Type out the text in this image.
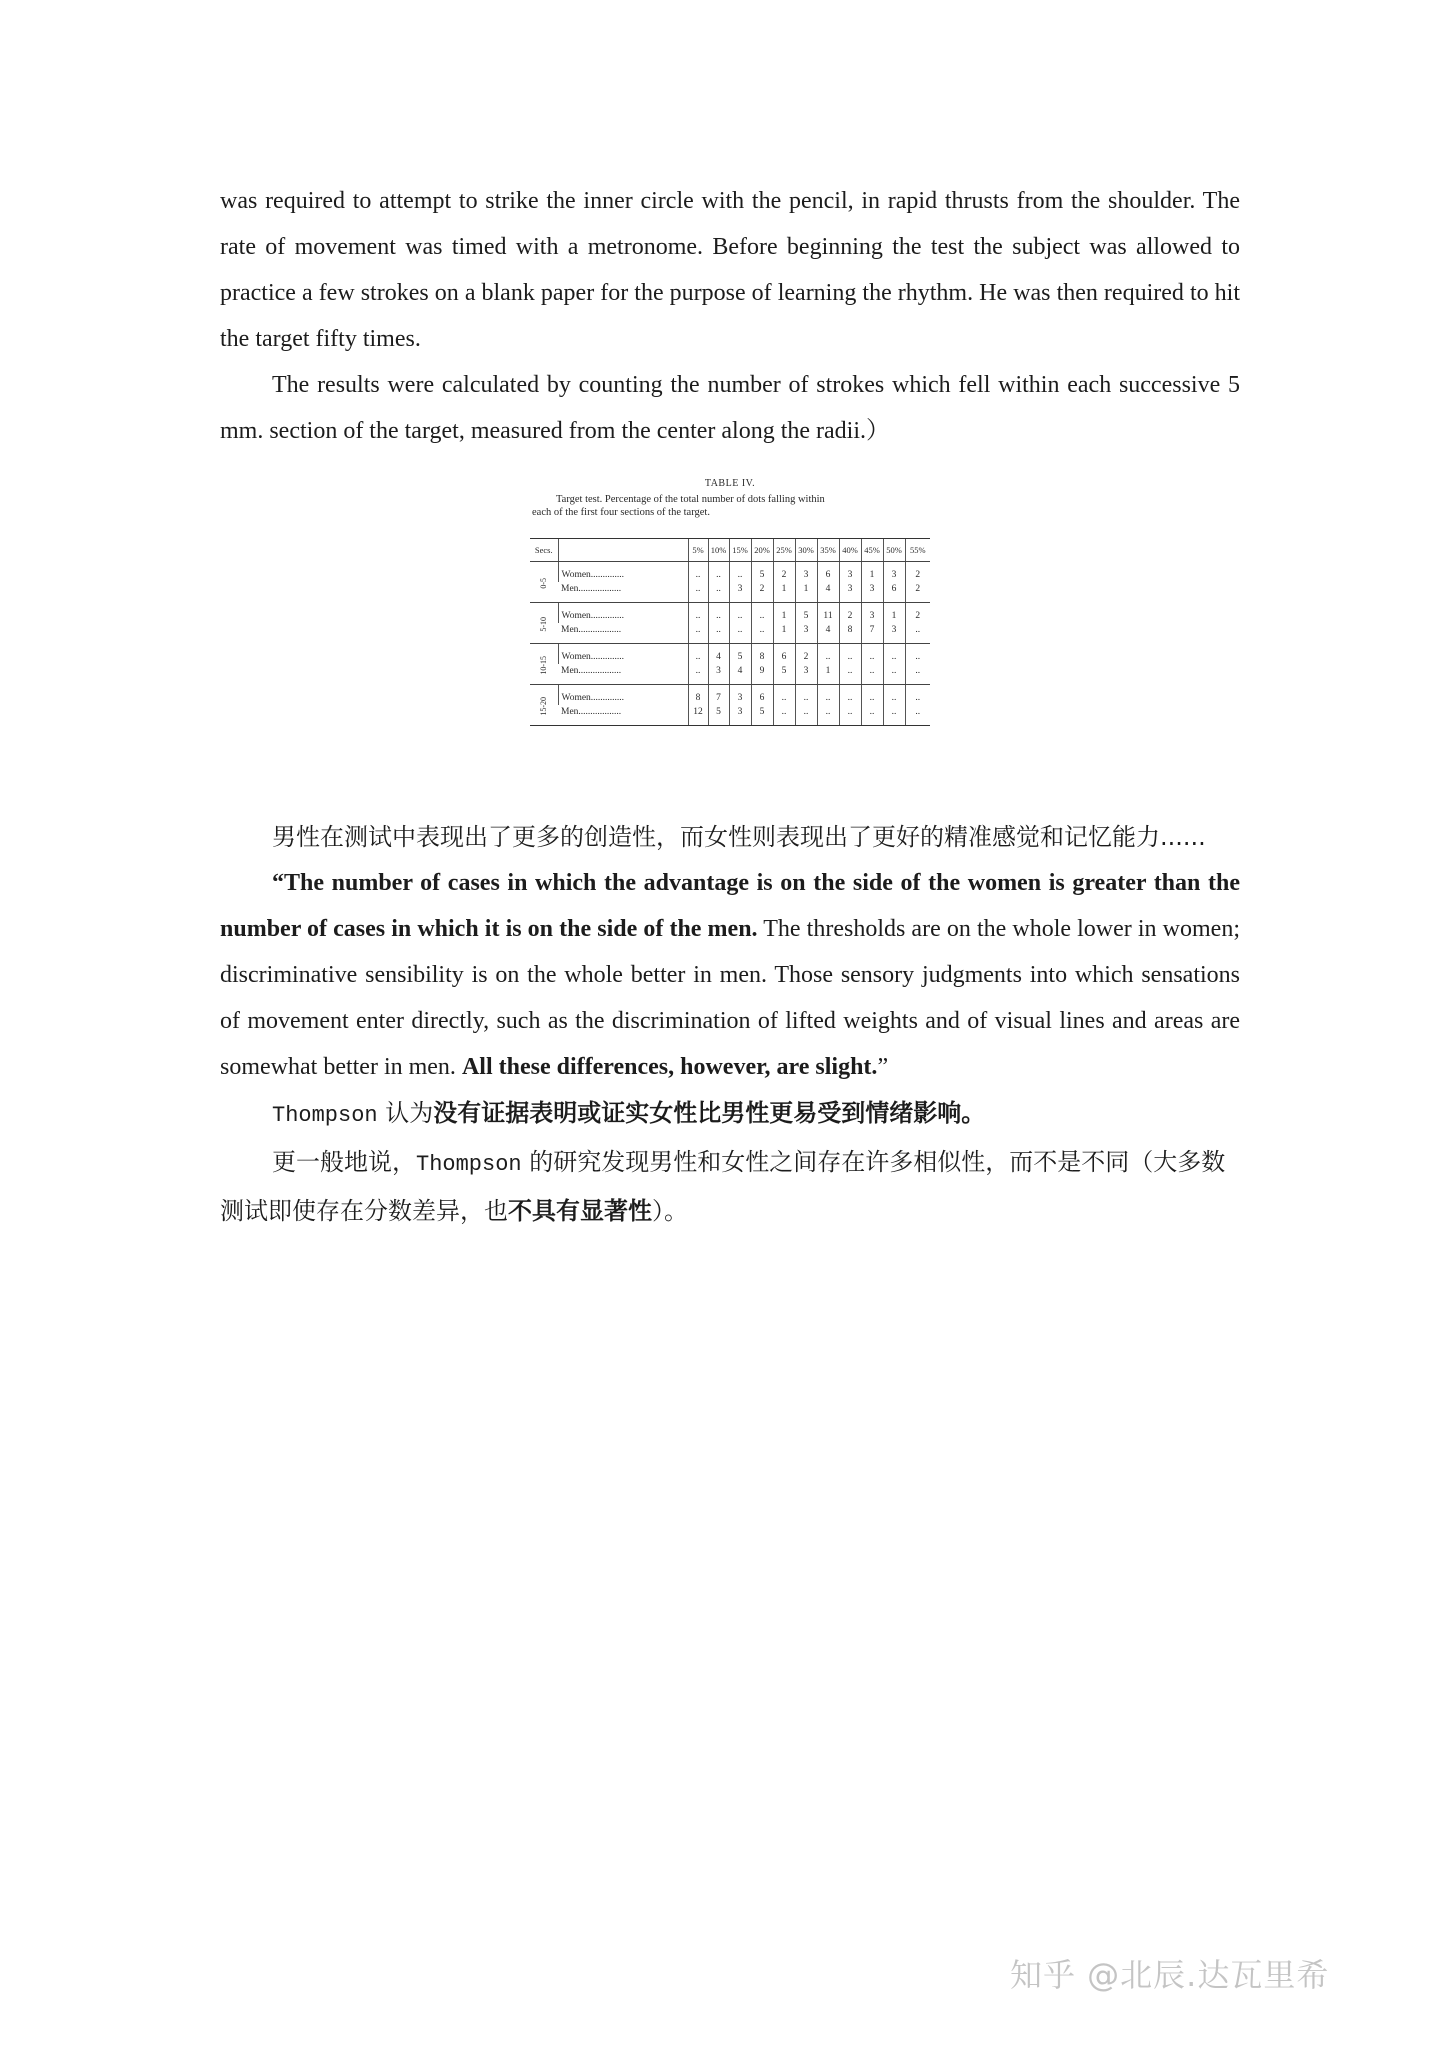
was required to attempt to strike the inner circle with the pencil, in rapid thrusts from the shoulder. The rate of movement was timed with a metronome. Before beginning the test the subject was allowed to practice a few strokes on a blank paper for the purpose of learning the rhythm. He was then required to hit the target fifty times.

The results were calculated by counting the number of strokes which fell within each successive 5 mm. section of the target, measured from the center along the radii.）

TABLE IV.
Target test. Percentage of the total number of dots falling within
each of the first four sections of the target.
Secs.		5%	10%	15%	20%	25%	30%	35%	40%	45%	50%	55%
0-5	Women..............	..	..	..	5	2	3	6	3	1	3	2
	Men..................	..	..	3	2	1	1	4	3	3	6	2
5-10	Women..............	..	..	..	..	1	5	11	2	3	1	2
	Men..................	..	..	..	..	1	3	4	8	7	3	..
10-15	Women..............	..	4	5	8	6	2	..	..	..	..	..
	Men..................	..	3	4	9	5	3	1	..	..	..	..
15-20	Women..............	8	7	3	6	..	..	..	..	..	..	..
	Men..................	12	5	3	5	..	..	..	..	..	..	..

男性在测试中表现出了更多的创造性，而女性则表现出了更好的精准感觉和记忆能力......

“The number of cases in which the advantage is on the side of the women is greater than the number of cases in which it is on the side of the men. The thresholds are on the whole lower in women; discriminative sensibility is on the whole better in men. Those sensory judgments into which sensations of movement enter directly, such as the discrimination of lifted weights and of visual lines and areas are somewhat better in men. All these differences, however, are slight.”

Thompson 认为没有证据表明或证实女性比男性更易受到情绪影响。

更一般地说，Thompson 的研究发现男性和女性之间存在许多相似性，而不是不同（大多数测试即使存在分数差异，也不具有显著性）。

知乎 @北辰.达瓦里希
